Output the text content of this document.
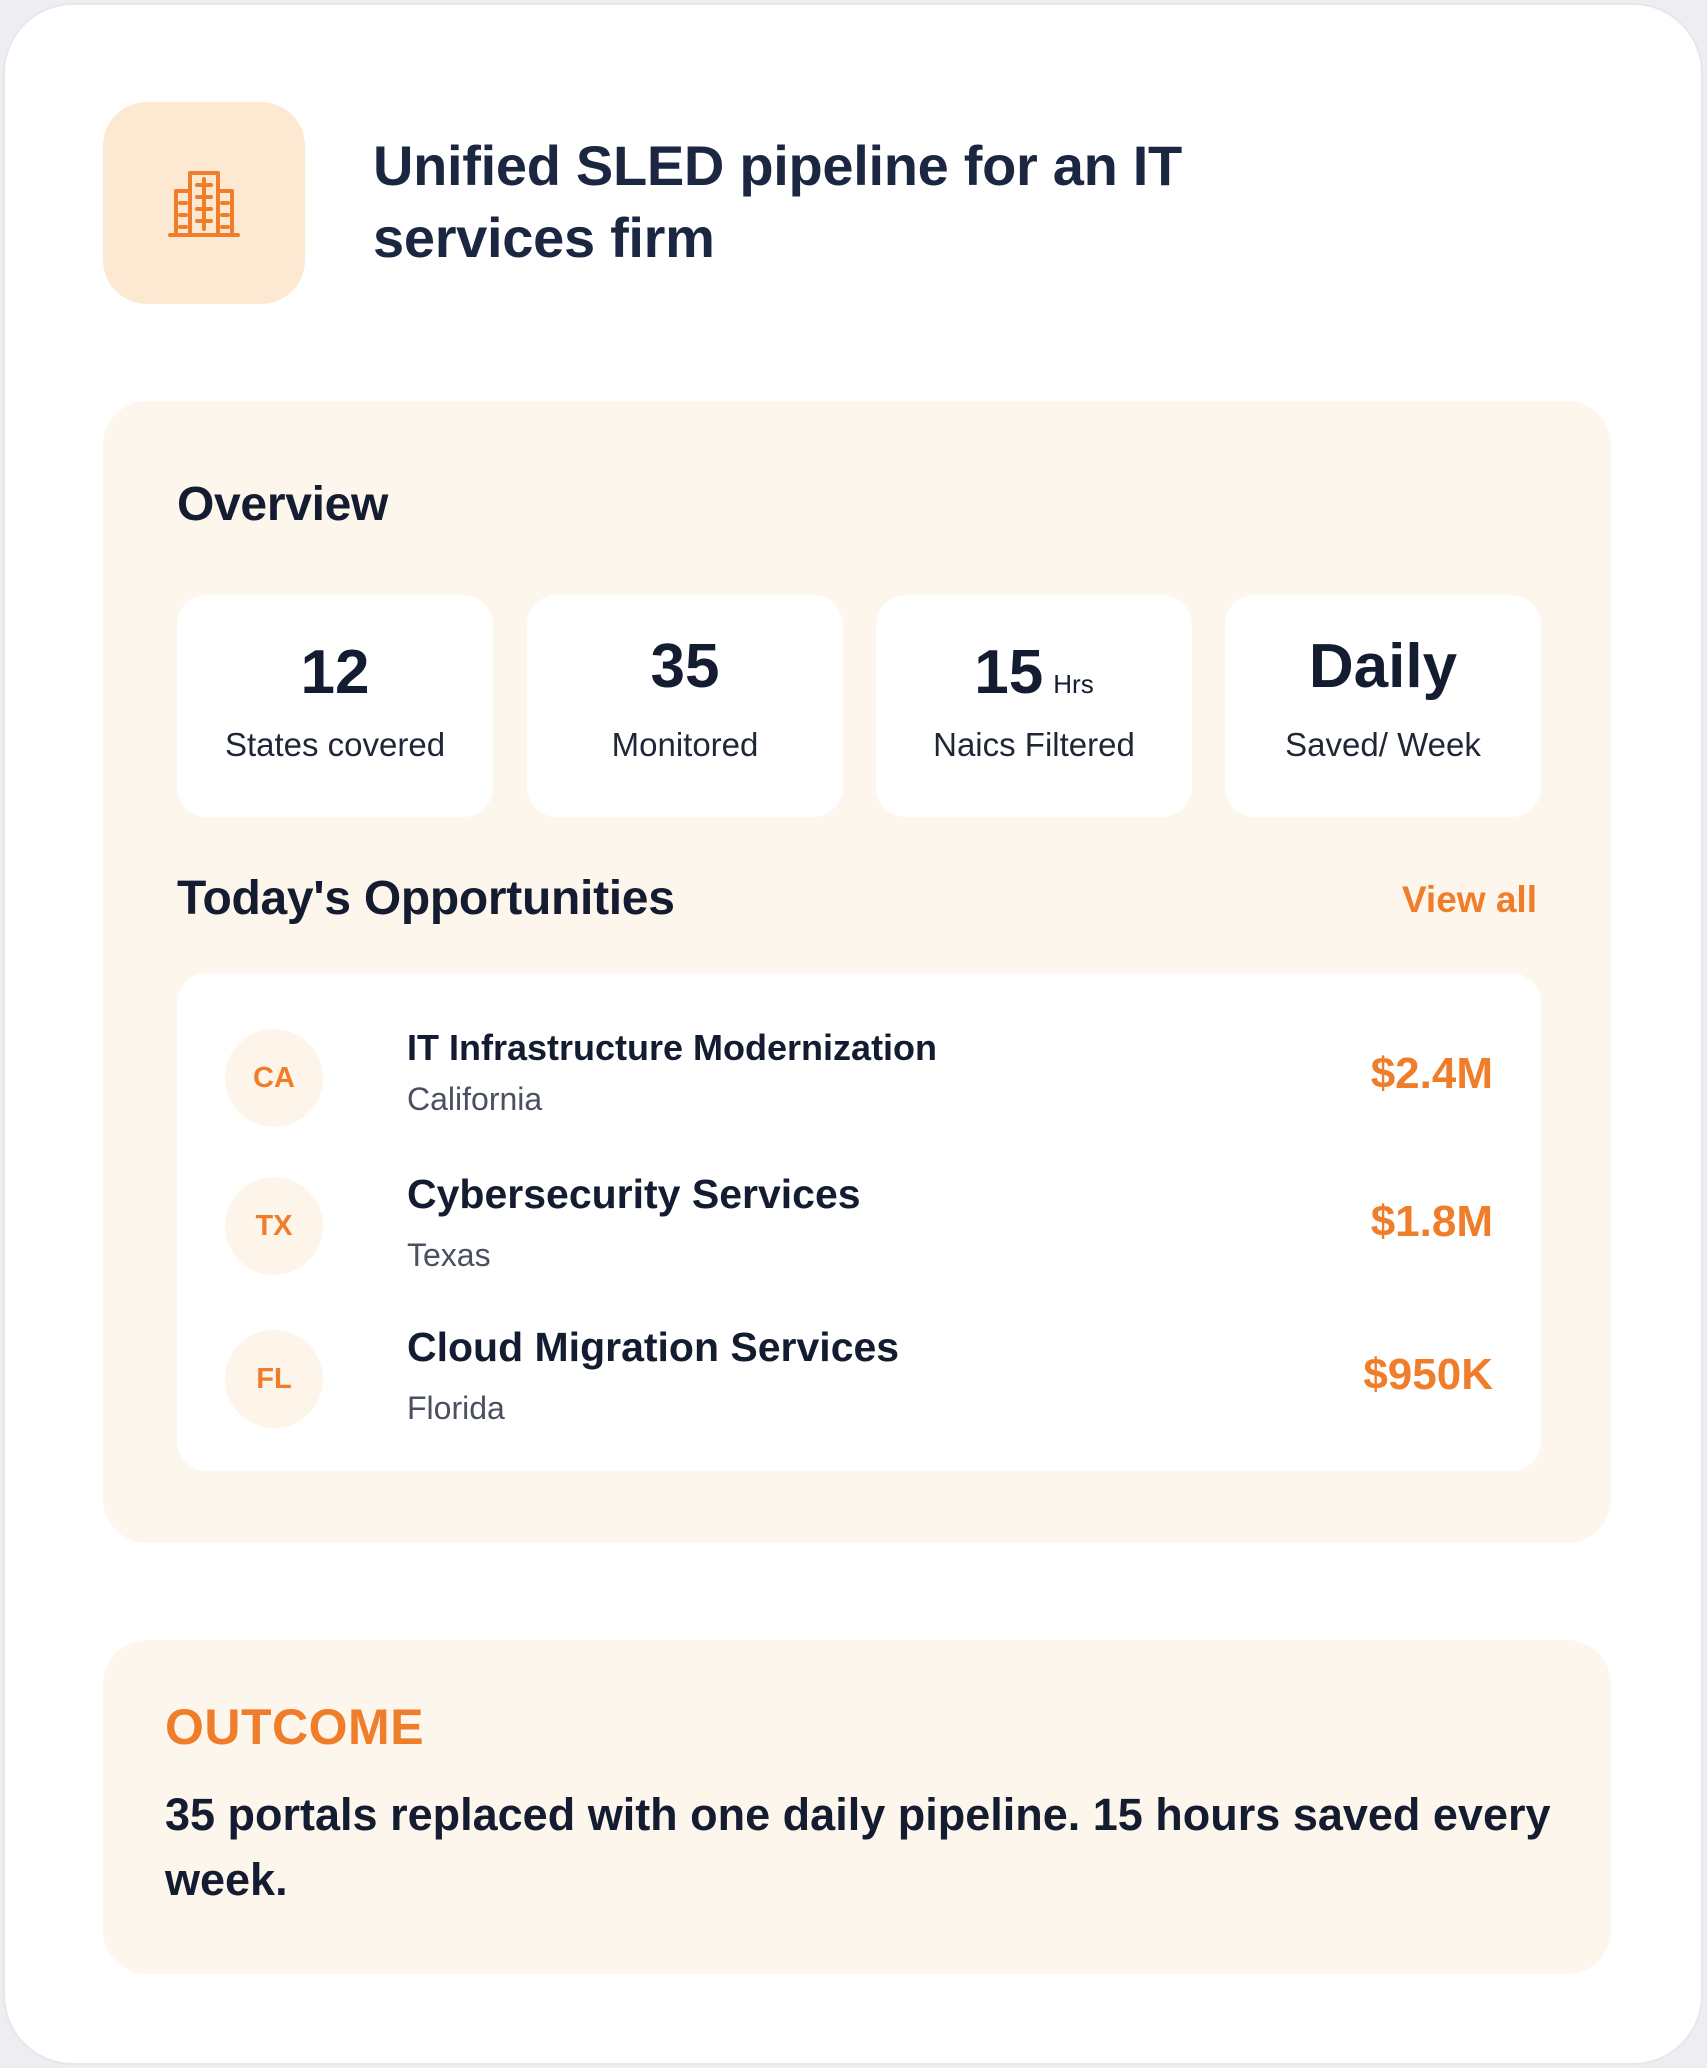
Unified SLED pipeline for an IT services firm
Overview
12
States covered
35
Monitored
15 Hrs
Naics Filtered
Daily
Saved/ Week
Today's Opportunities	View all
CA
IT Infrastructure Modernization
California
$2.4M
TX
Cybersecurity Services
Texas
$1.8M
FL
Cloud Migration Services
Florida
$950K
OUTCOME
35 portals replaced with one daily pipeline. 15 hours saved every week.
